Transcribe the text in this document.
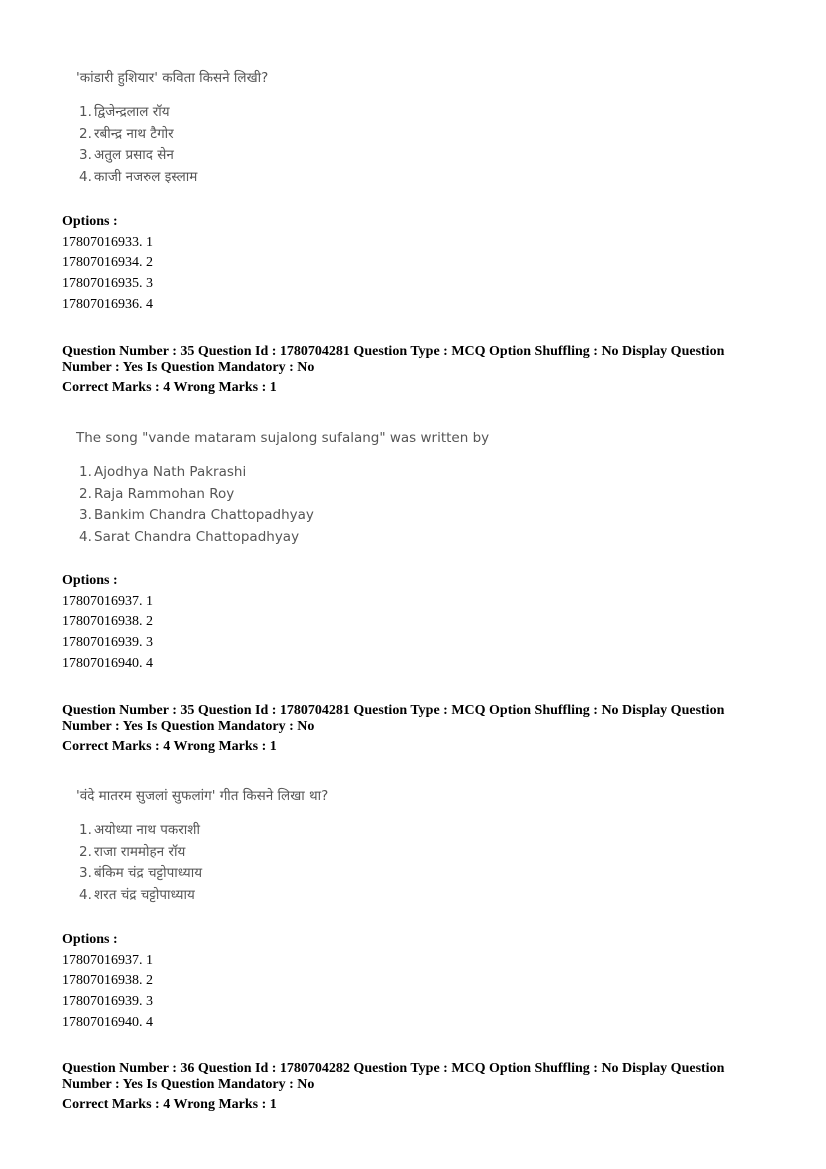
'कांडारी हुशियार' कविता किसने लिखी?
1. द्विजेन्द्रलाल रॉय
2. रबीन्द्र नाथ टैगोर
3. अतुल प्रसाद सेन
4. काजी नजरुल इस्लाम
Options :
17807016933. 1
17807016934. 2
17807016935. 3
17807016936. 4
Question Number : 35 Question Id : 1780704281 Question Type : MCQ Option Shuffling : No Display Question Number : Yes Is Question Mandatory : No
Correct Marks : 4 Wrong Marks : 1
The song "vande mataram sujalong sufalang" was written by
1. Ajodhya Nath Pakrashi
2. Raja Rammohan Roy
3. Bankim Chandra Chattopadhyay
4. Sarat Chandra Chattopadhyay
Options :
17807016937. 1
17807016938. 2
17807016939. 3
17807016940. 4
Question Number : 35 Question Id : 1780704281 Question Type : MCQ Option Shuffling : No Display Question Number : Yes Is Question Mandatory : No
Correct Marks : 4 Wrong Marks : 1
'वंदे मातरम सुजलां सुफलांग' गीत किसने लिखा था?
1. अयोध्या नाथ पकराशी
2. राजा राममोहन रॉय
3. बंकिम चंद्र चट्टोपाध्याय
4. शरत चंद्र चट्टोपाध्याय
Options :
17807016937. 1
17807016938. 2
17807016939. 3
17807016940. 4
Question Number : 36 Question Id : 1780704282 Question Type : MCQ Option Shuffling : No Display Question Number : Yes Is Question Mandatory : No
Correct Marks : 4 Wrong Marks : 1
